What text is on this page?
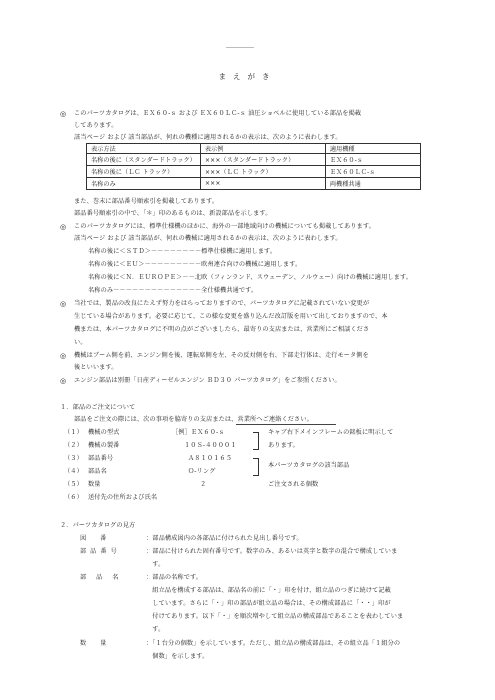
まえがき
◎ このパーツカタログは、ＥＸ６０-ｓ および ＥＸ６０ＬＣ-ｓ 油圧ショベルに使用している部品を掲載
してあります。
該当ページ および 該当部品が、何れの機種に適用されるかの表示は、次のように表わします。
表示方法	表示例	適用機種
名称の後に（スタンダードトラック）	×××（スタンダードトラック）	ＥＸ６０-ｓ
名称の後に（ＬＣ トラック）	×××（ＬＣ トラック）	ＥＸ６０ＬＣ-ｓ
名称のみ	×××	両機種共通
また、巻末に部品番号順索引を掲載してあります。
部品番号順索引の中で、「＊」印のあるものは、新設部品を示します。
◎ このパーツカタログには、標準仕様機のほかに、海外の一部地域向けの機械についても掲載してあります。
該当ページ および 該当部品が、何れの機械に適用されるかの表示は、次のように表わします。
名称の後に＜ＳＴＤ＞－－－－－－－－標準仕様機に適用します。
名称の後に＜ＥＵ＞－－－－－－－－－欧州連合向けの機械に適用します。
名称の後に＜Ｎ．ＥＵＲＯＰＥ＞－－北欧（フィンランド、スウェーデン、ノルウェー）向けの機械に適用します。
名称のみ－－－－－－－－－－－－－－全仕様機共通です。
◎ 当社では、製品の改良にたえず努力をはらっておりますので、パーツカタログに記載されていない変更が
生じている場合があります。必要に応じて、この様な変更を盛り込んだ改訂版を用いて出しておりますので、本
機または、本パーツカタログに不明の点がございましたら、最寄りの支店または、営業所にご相談くださ
い。
◎ 機械はブーム側を前、エンジン側を後、運転席側を左、その反対側を右、下部走行体は、走行モータ側を
後といいます。
◎ エンジン部品は別冊「日産ディーゼルエンジン ＢＤ３０ パーツカタログ」をご参照ください。
１．部品のご注文について
部品をご注文の際には、次の事項を脇寄りの支店または、営業所へご連絡ください。
（１） 機械の型式	［例］ＥＸ６０-ｓ
（２） 機械の製番	１０Ｓ-４０００１
（３） 部品番号	Ａ８１０１６５
（４） 部品名	Ｏ-リング
（５） 数量	２
（６） 送付先の住所および氏名
キャブ右下メインフレームの銘板に明示して
あります。
本パーツカタログの該当部品
ご注文される個数
２．パーツカタログの見方
図 番	：部品構成図内の各部品に付けられた見出し番号です。
部品番号	：部品に付けられた固有番号です。数字のみ、あるいは英字と数字の混合で構成していま
　す。
部 品 名	：部品の名称です。
　組立品を構成する部品は、部品名の前に「・」印を付け、組立品のつぎに続けて記載
　しています。さらに「・」印の部品が組立品の場合は、その構成部品に「・・」印が
　付けてあります。以下「・」を順次増やして組立品の構成部品であることを表わしていま
　す。
数 量	：「１台分の個数」を示しています。ただし、組立品の構成部品は、その組立品「１組分の
　個数」を示します。
